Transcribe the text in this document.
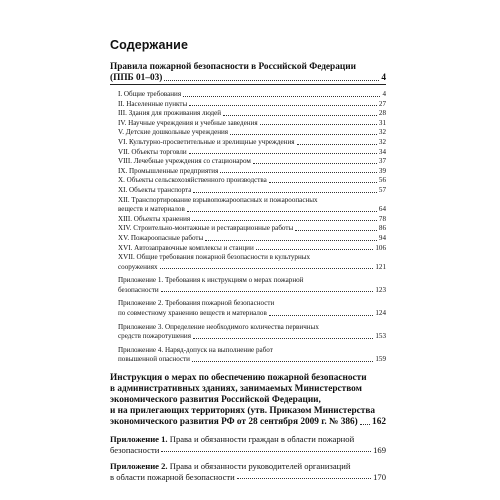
Содержание
Правила пожарной безопасности в Российской Федерации
(ППБ 01–03)	4
I. Общие требования	4
II. Населенные пункты	27
III. Здания для проживания людей	28
IV. Научные учреждения и учебные заведения	31
V. Детские дошкольные учреждения	32
VI. Культурно-просветительные и зрелищные учреждения	32
VII. Объекты торговли	34
VIII. Лечебные учреждения со стационаром	37
IX. Промышленные предприятия	39
X. Объекты сельскохозяйственного производства	56
XI. Объекты транспорта	57
XII. Транспортирование взрывопожароопасных и пожароопасных
веществ и материалов	64
XIII. Объекты хранения	78
XIV. Строительно-монтажные и реставрационные работы	86
XV. Пожароопасные работы	94
XVI. Автозаправочные комплексы и станции	106
XVII. Общие требования пожарной безопасности в культурных
сооружениях	121
Приложение 1. Требования к инструкциям о мерах пожарной
безопасности	123
Приложение 2. Требования пожарной безопасности
по совместному хранению веществ и материалов	124
Приложение 3. Определение необходимого количества первичных
средств пожаротушения	153
Приложение 4. Наряд-допуск на выполнение работ
повышенной опасности	159
Инструкция о мерах по обеспечению пожарной безопасности
в административных зданиях, занимаемых Министерством
экономического развития Российской Федерации,
и на прилегающих территориях (утв. Приказом Министерства
экономического развития РФ от 28 сентября 2009 г. № 386) 162
Приложение 1. Права и обязанности граждан в области пожарной
безопасности	169
Приложение 2. Права и обязанности руководителей организаций
в области пожарной безопасности	170
